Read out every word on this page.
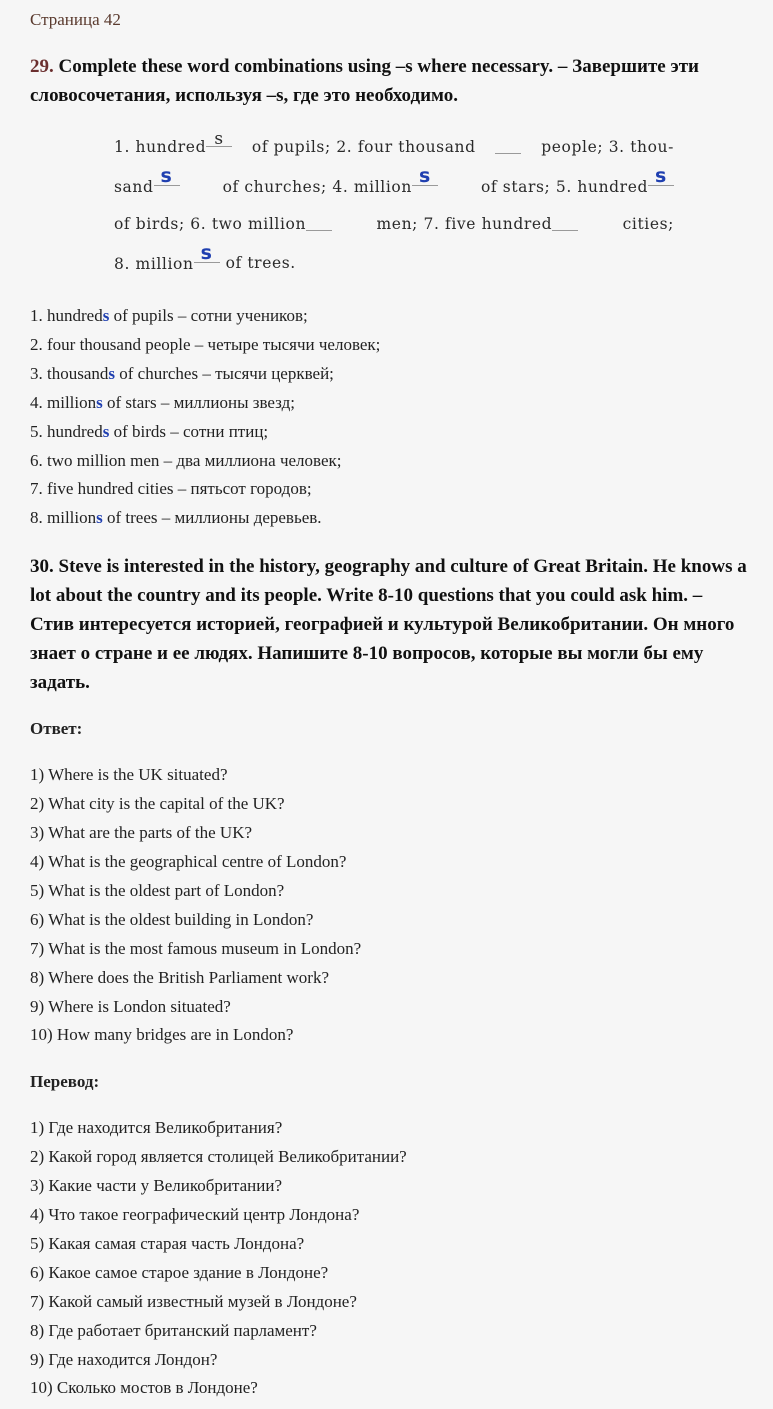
Страница 42

29. Complete these word combinations using –s where necessary. – Завершите эти словосочетания, используя –s, где это необходимо.

1. hundred s	of pupils; 2. four thousand	people; 3. thou-
sand s	of churches; 4. million s	of stars; 5. hundred s
of birds; 6. two million	men; 7. five hundred	cities;
8. million s of trees.
1. hundreds of pupils – сотни учеников;
2. four thousand people – четыре тысячи человек;
3. thousands of churches – тысячи церквей;
4. millions of stars – миллионы звезд;
5. hundreds of birds – сотни птиц;
6. two million men – два миллиона человек;
7. five hundred cities – пятьсот городов;
8. millions of trees – миллионы деревьев.

30. Steve is interested in the history, geography and culture of Great Britain. He knows a lot about the country and its people. Write 8-10 questions that you could ask him. – Стив интересуется историей, географией и культурой Великобритании. Он много знает о стране и ее людях. Напишите 8-10 вопросов, которые вы могли бы ему задать.

Ответ:
1) Where is the UK situated?
2) What city is the capital of the UK?
3) What are the parts of the UK?
4) What is the geographical centre of London?
5) What is the oldest part of London?
6) What is the oldest building in London?
7) What is the most famous museum in London?
8) Where does the British Parliament work?
9) Where is London situated?
10) How many bridges are in London?
Перевод:
1) Где находится Великобритания?
2) Какой город является столицей Великобритании?
3) Какие части у Великобритании?
4) Что такое географический центр Лондона?
5) Какая самая старая часть Лондона?
6) Какое самое старое здание в Лондоне?
7) Какой самый известный музей в Лондоне?
8) Где работает британский парламент?
9) Где находится Лондон?
10) Сколько мостов в Лондоне?
